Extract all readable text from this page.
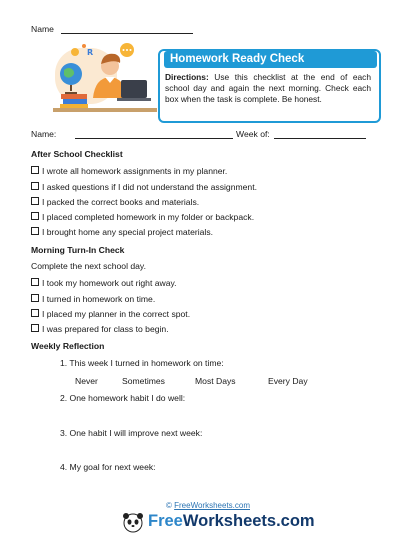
Name
R
Homework Ready Check
Directions: Use this checklist at the end of each school day and again the next morning. Check each box when the task is complete. Be honest.
Name:	Week of:
After School Checklist
I wrote all homework assignments in my planner.
I asked questions if I did not understand the assignment.
I packed the correct books and materials.
I placed completed homework in my folder or backpack.
I brought home any special project materials.
Morning Turn-In Check
Complete the next school day.
I took my homework out right away.
I turned in homework on time.
I placed my planner in the correct spot.
I was prepared for class to begin.
Weekly Reflection
1. This week I turned in homework on time:
Never	Sometimes	Most Days	Every Day
2. One homework habit I do well:
3. One habit I will improve next week:
4. My goal for next week:
© FreeWorksheets.com
FreeWorksheets.com
